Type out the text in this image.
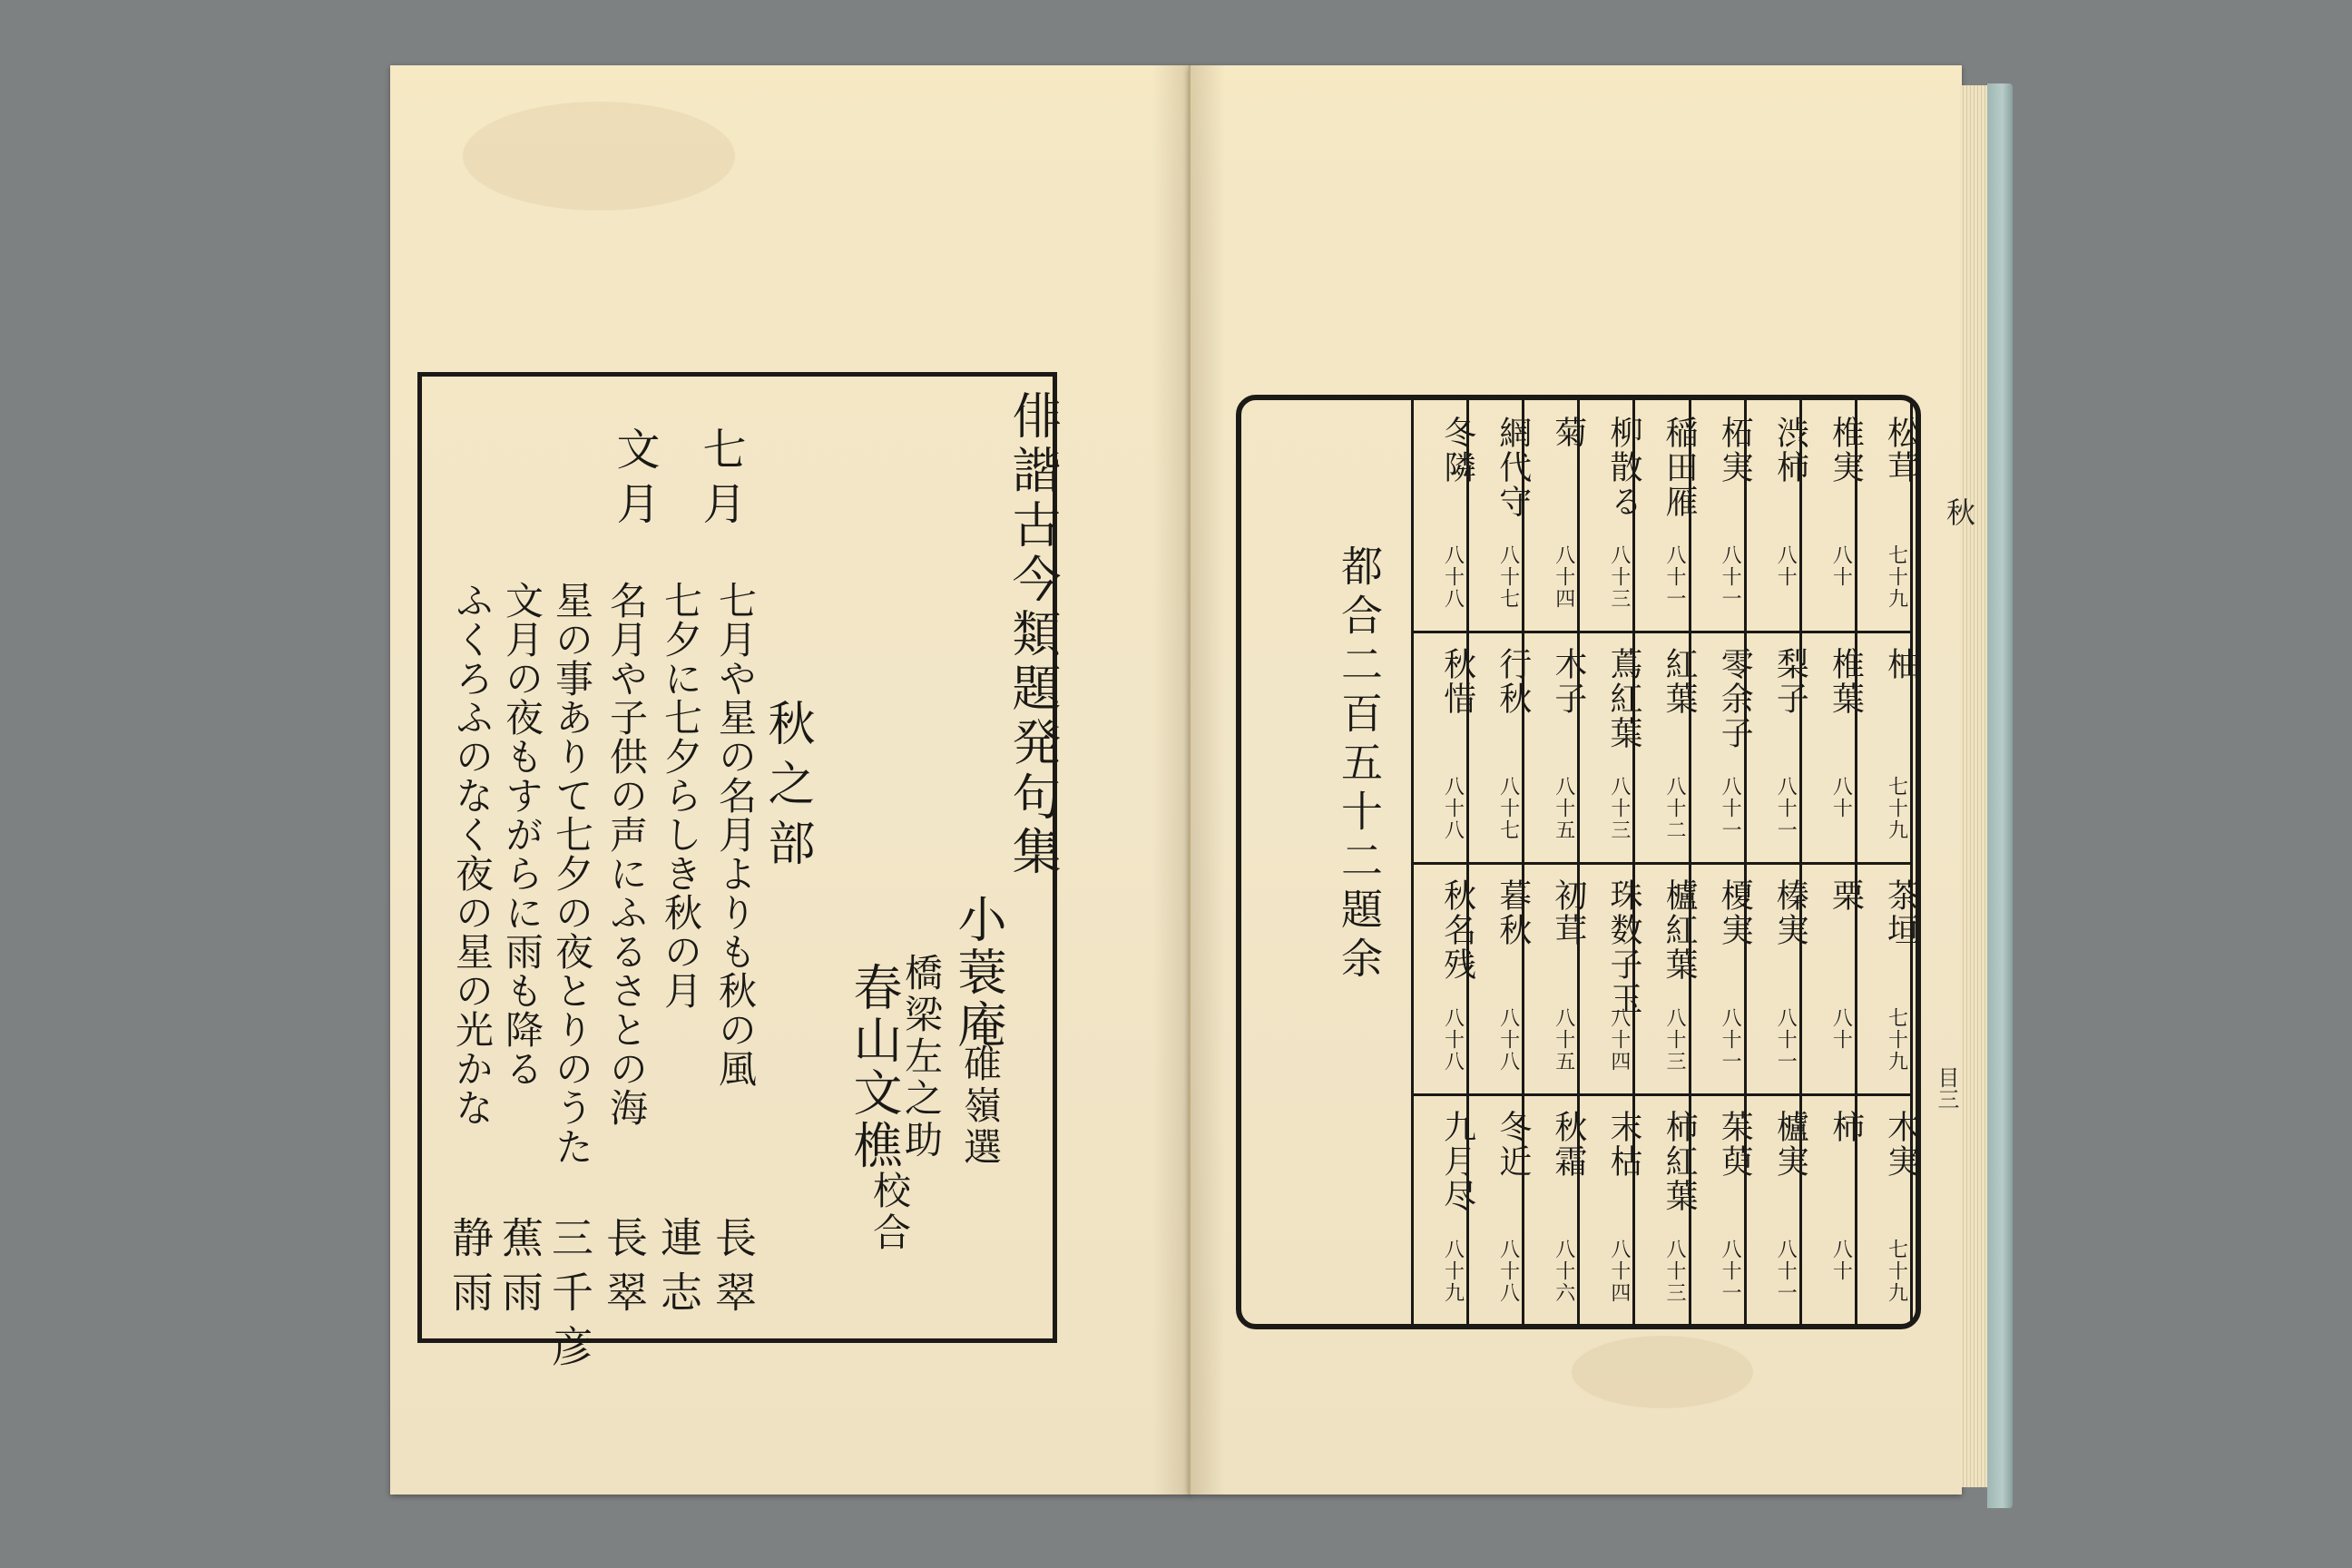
俳諧古今類題発句集
小蓑庵
碓嶺選
橋梁左之助
春山文樵
校合
秋之部
七月
文月
七月や星の名月よりも秋の風
長翠
七夕に七夕らしき秋の月
連志
名月や子供の声にふるさとの海
長翠
星の事ありて七夕の夜とりのうた
三千彦
文月の夜もすがらに雨も降る
蕉雨
ふくろふのなく夜の星の光かな
静雨
秋
目三
都合二百五十二題余
松茸
七十九
柚
七十九
茶垣
七十九
木実
七十九
椎実
八十
椎葉
八十
栗
八十
柿
八十
渋柿
八十
梨子
八十一
榛実
八十一
櫨実
八十一
柘実
八十一
零余子
八十一
榎実
八十一
茱萸
八十一
稲田雁
八十一
紅葉
八十二
櫨紅葉
八十三
柿紅葉
八十三
柳散る
八十三
蔦紅葉
八十三
珠数子玉
八十四
末枯
八十四
菊
八十四
木子
八十五
初茸
八十五
秋霜
八十六
網代守
八十七
行秋
八十七
暮秋
八十八
冬近
八十八
冬隣
八十八
秋惜
八十八
秋名残
八十八
九月尽
八十九
